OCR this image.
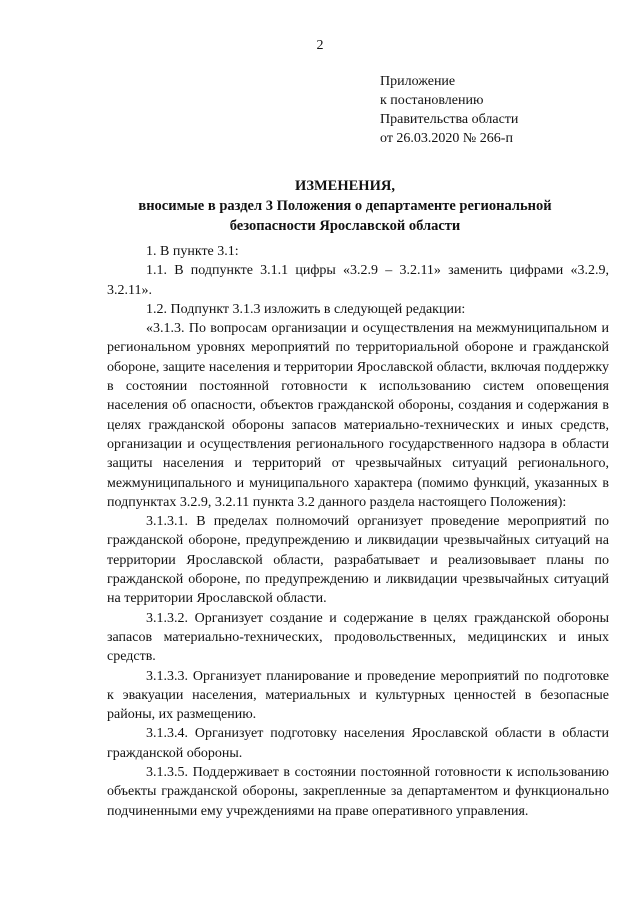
2
Приложение
к постановлению
Правительства области
от 26.03.2020 № 266-п
ИЗМЕНЕНИЯ,
вносимые в раздел 3 Положения о департаменте региональной
безопасности Ярославской области

1. В пункте 3.1:

1.1. В подпункте 3.1.1 цифры «3.2.9 – 3.2.11» заменить цифрами «3.2.9, 3.2.11».

1.2. Подпункт 3.1.3 изложить в следующей редакции:

«3.1.3. По вопросам организации и осуществления на межмуниципальном и региональном уровнях мероприятий по территориальной обороне и гражданской обороне, защите населения и территории Ярославской области, включая поддержку в состоянии постоянной готовности к использованию систем оповещения населения об опасности, объектов гражданской обороны, создания и содержания в целях гражданской обороны запасов материально-технических и иных средств, организации и осуществления регионального государственного надзора в области защиты населения и территорий от чрезвычайных ситуаций регионального, межмуниципального и муниципального характера (помимо функций, указанных в подпунктах 3.2.9, 3.2.11 пункта 3.2 данного раздела настоящего Положения):

3.1.3.1. В пределах полномочий организует проведение мероприятий по гражданской обороне, предупреждению и ликвидации чрезвычайных ситуаций на территории Ярославской области, разрабатывает и реализовывает планы по гражданской обороне, по предупреждению и ликвидации чрезвычайных ситуаций на территории Ярославской области.

3.1.3.2. Организует создание и содержание в целях гражданской обороны запасов материально-технических, продовольственных, медицинских и иных средств.

3.1.3.3. Организует планирование и проведение мероприятий по подготовке к эвакуации населения, материальных и культурных ценностей в безопасные районы, их размещению.

3.1.3.4. Организует подготовку населения Ярославской области в области гражданской обороны.

3.1.3.5. Поддерживает в состоянии постоянной готовности к использованию объекты гражданской обороны, закрепленные за департаментом и функционально подчиненными ему учреждениями на праве оперативного управления.
